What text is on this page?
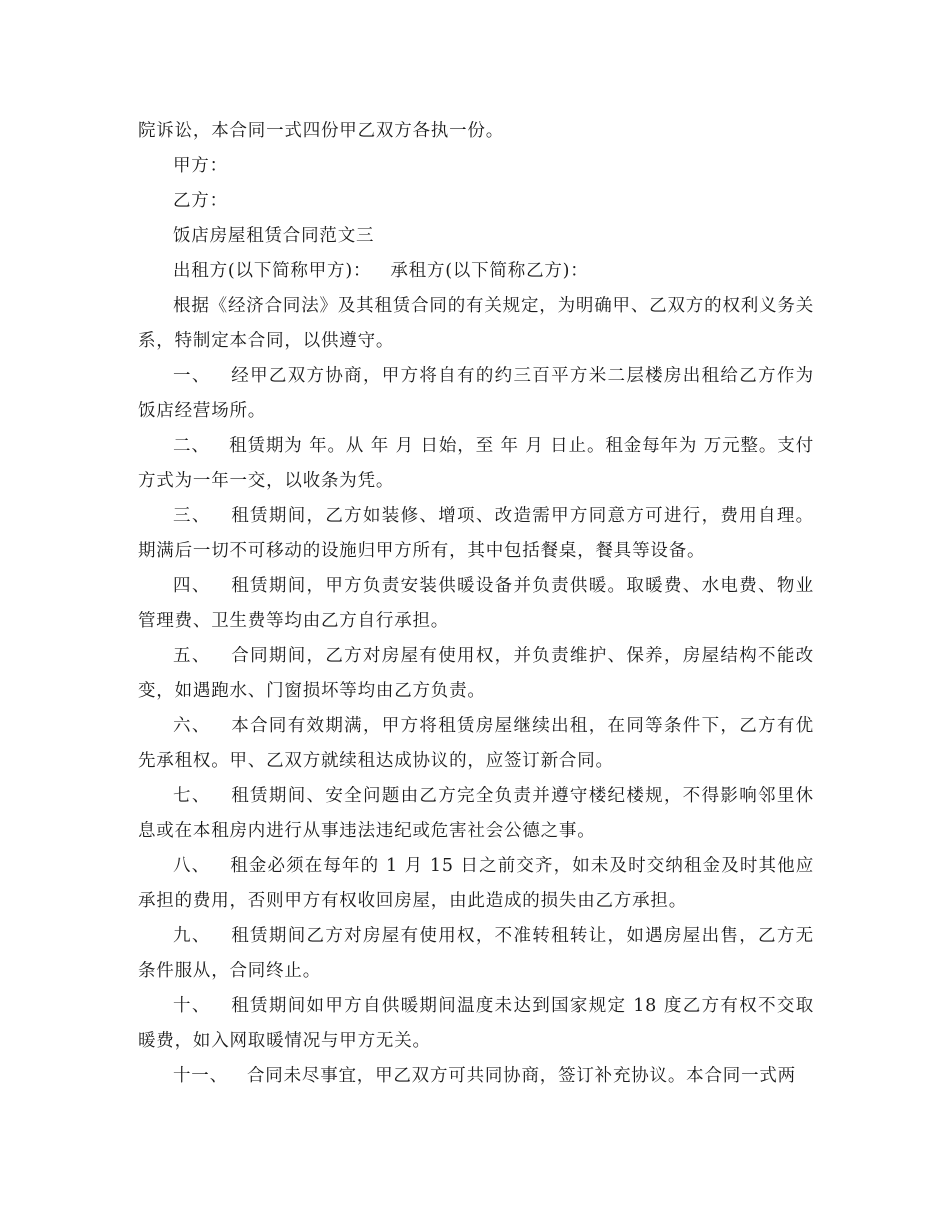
院诉讼，本合同一式四份甲乙双方各执一份。

甲方：

乙方：

饭店房屋租赁合同范文三

出租方(以下简称甲方)：   承租方(以下简称乙方)：

根据《经济合同法》及其租赁合同的有关规定，为明确甲、乙双方的权利义务关系，特制定本合同，以供遵守。

一、   经甲乙双方协商，甲方将自有的约三百平方米二层楼房出租给乙方作为饭店经营场所。

二、   租赁期为 年。从 年 月 日始，至 年 月 日止。租金每年为 万元整。支付方式为一年一交，以收条为凭。

三、   租赁期间，乙方如装修、增项、改造需甲方同意方可进行，费用自理。期满后一切不可移动的设施归甲方所有，其中包括餐桌，餐具等设备。

四、   租赁期间，甲方负责安装供暖设备并负责供暖。取暖费、水电费、物业管理费、卫生费等均由乙方自行承担。

五、   合同期间，乙方对房屋有使用权，并负责维护、保养，房屋结构不能改变，如遇跑水、门窗损坏等均由乙方负责。

六、   本合同有效期满，甲方将租赁房屋继续出租，在同等条件下，乙方有优先承租权。甲、乙双方就续租达成协议的，应签订新合同。

七、   租赁期间、安全问题由乙方完全负责并遵守楼纪楼规，不得影响邻里休息或在本租房内进行从事违法违纪或危害社会公德之事。

八、   租金必须在每年的 1 月 15 日之前交齐，如未及时交纳租金及时其他应承担的费用，否则甲方有权收回房屋，由此造成的损失由乙方承担。

九、   租赁期间乙方对房屋有使用权，不准转租转让，如遇房屋出售，乙方无条件服从，合同终止。

十、   租赁期间如甲方自供暖期间温度未达到国家规定 18 度乙方有权不交取暖费，如入网取暖情况与甲方无关。

十一、   合同未尽事宜，甲乙双方可共同协商，签订补充协议。本合同一式两
